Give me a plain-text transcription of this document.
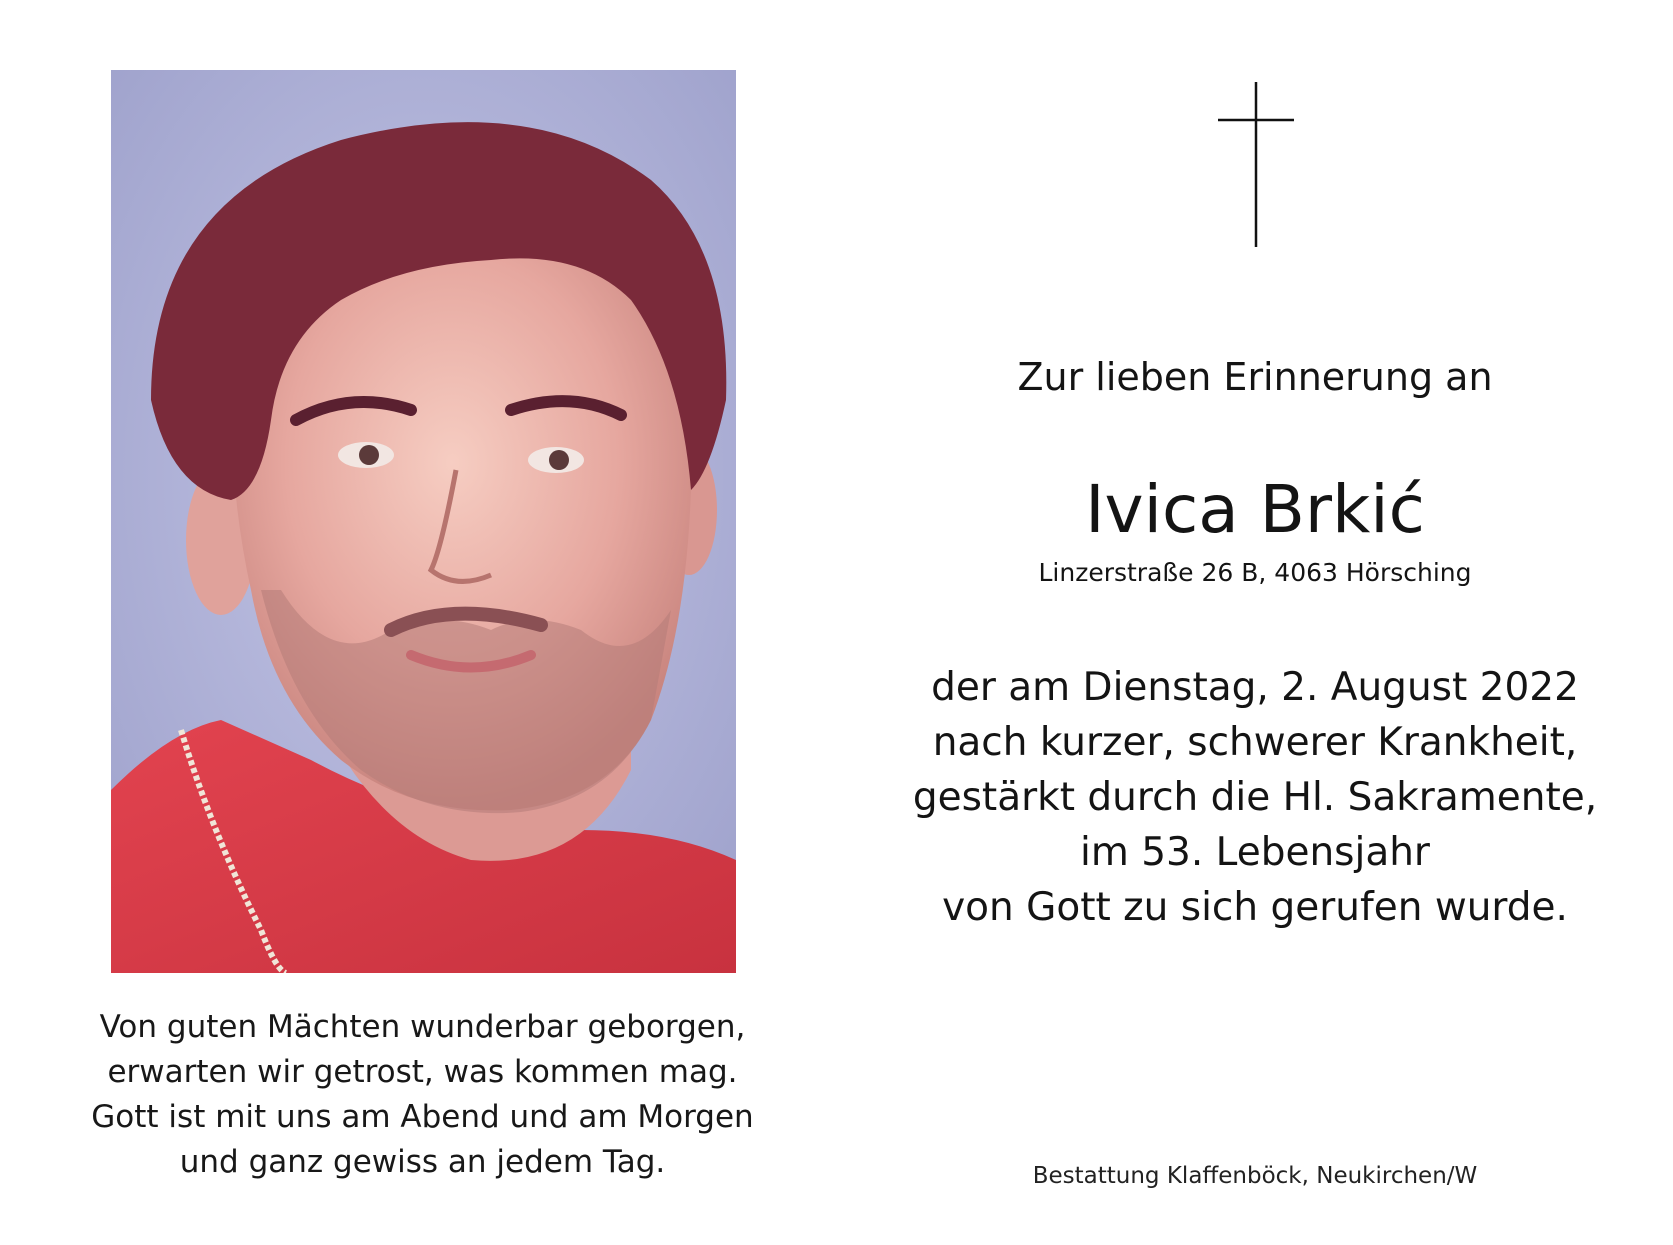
Von guten Mächten wunderbar geborgen,
erwarten wir getrost, was kommen mag.
Gott ist mit uns am Abend und am Morgen
und ganz gewiss an jedem Tag.
Zur lieben Erinnerung an
Ivica Brkić
Linzerstraße 26 B, 4063 Hörsching
der am Dienstag, 2. August 2022
nach kurzer, schwerer Krankheit,
gestärkt durch die Hl. Sakramente,
im 53. Lebensjahr
von Gott zu sich gerufen wurde.
Bestattung Klaffenböck, Neukirchen/W
